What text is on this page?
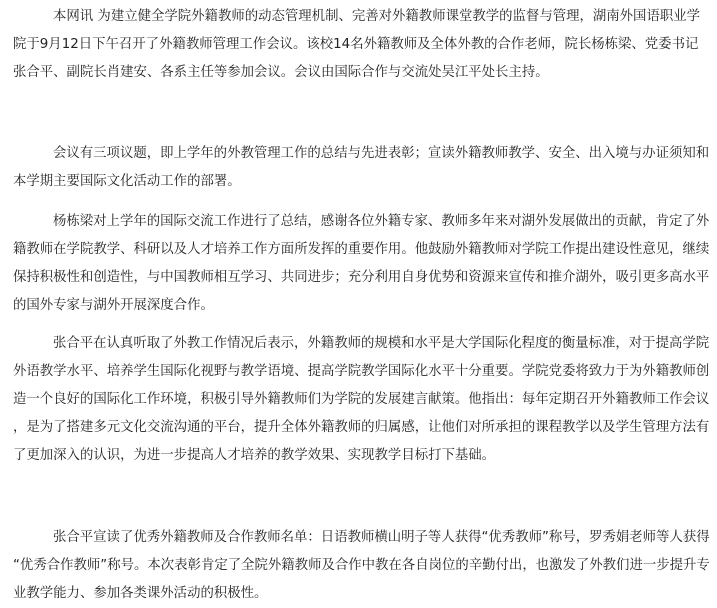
本网讯 为建立健全学院外籍教师的动态管理机制、完善对外籍教师课堂教学的监督与管理，湖南外国语职业学院于9月12日下午召开了外籍教师管理工作会议。该校14名外籍教师及全体外教的合作老师，院长杨栋梁、党委书记张合平、副院长肖建安、各系主任等参加会议。会议由国际合作与交流处吴江平处长主持。

会议有三项议题，即上学年的外教管理工作的总结与先进表彰；宣读外籍教师教学、安全、出入境与办证须知和本学期主要国际文化活动工作的部署。

杨栋梁对上学年的国际交流工作进行了总结，感谢各位外籍专家、教师多年来对湖外发展做出的贡献，肯定了外籍教师在学院教学、科研以及人才培养工作方面所发挥的重要作用。他鼓励外籍教师对学院工作提出建设性意见，继续保持积极性和创造性，与中国教师相互学习、共同进步；充分利用自身优势和资源来宣传和推介湖外，吸引更多高水平的国外专家与湖外开展深度合作。

张合平在认真听取了外教工作情况后表示，外籍教师的规模和水平是大学国际化程度的衡量标准，对于提高学院外语教学水平、培养学生国际化视野与教学语境、提高学院教学国际化水平十分重要。学院党委将致力于为外籍教师创造一个良好的国际化工作环境，积极引导外籍教师们为学院的发展建言献策。他指出：每年定期召开外籍教师工作会议，是为了搭建多元文化交流沟通的平台，提升全体外籍教师的归属感，让他们对所承担的课程教学以及学生管理方法有了更加深入的认识，为进一步提高人才培养的教学效果、实现教学目标打下基础。

张合平宣读了优秀外籍教师及合作教师名单：日语教师横山明子等人获得“优秀教师”称号，罗秀娟老师等人获得“优秀合作教师”称号。本次表彰肯定了全院外籍教师及合作中教在各自岗位的辛勤付出，也激发了外教们进一步提升专业教学能力、参加各类课外活动的积极性。
